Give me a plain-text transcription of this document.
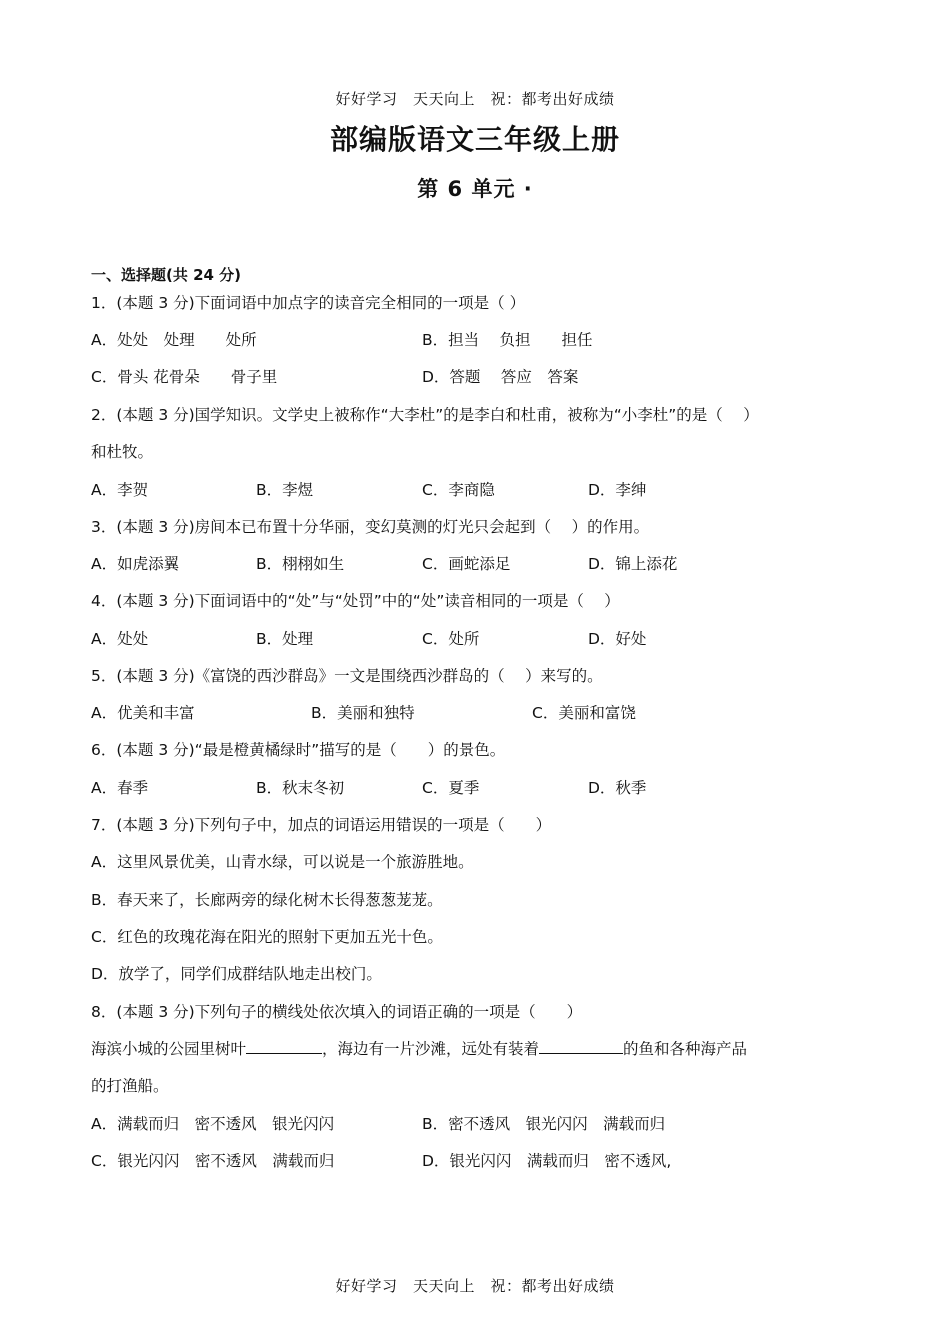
好好学习　天天向上　祝：都考出好成绩
部编版语文三年级上册
第 6 单元 ·
一、选择题(共 24 分)
1．(本题 3 分)下面词语中加点字的读音完全相同的一项是（ ）
A．处处　处理　　处所	B．担当　 负担　　担任
C．骨头 花骨朵　　骨子里	D．答题　 答应　答案
2．(本题 3 分)国学知识。文学史上被称作“大李杜”的是李白和杜甫，被称为“小李杜”的是（　 ）
和杜牧。
A．李贺	B．李煜	C．李商隐	D．李绅
3．(本题 3 分)房间本已布置十分华丽，变幻莫测的灯光只会起到（　 ）的作用。
A．如虎添翼	B．栩栩如生	C．画蛇添足	D．锦上添花
4．(本题 3 分)下面词语中的“处”与“处罚”中的“处”读音相同的一项是（　 ）
A．处处	B．处理	C．处所	D．好处
5．(本题 3 分)《富饶的西沙群岛》一文是围绕西沙群岛的（　 ）来写的。
A．优美和丰富	B．美丽和独特	C．美丽和富饶
6．(本题 3 分)“最是橙黄橘绿时”描写的是（　　）的景色。
A．春季	B．秋末冬初	C．夏季	D．秋季
7．(本题 3 分)下列句子中，加点的词语运用错误的一项是（　　）
A．这里风景优美，山青水绿，可以说是一个旅游胜地。
B．春天来了，长廊两旁的绿化树木长得葱葱茏茏。
C．红色的玫瑰花海在阳光的照射下更加五光十色。
D．放学了，同学们成群结队地走出校门。
8．(本题 3 分)下列句子的横线处依次填入的词语正确的一项是（　　）
海滨小城的公园里树叶	，海边有一片沙滩，远处有装着	的鱼和各种海产品
的打渔船。
A．满载而归　密不透风　银光闪闪	B．密不透风　银光闪闪　满载而归
C．银光闪闪　密不透风　满载而归	D．银光闪闪　满载而归　密不透风,
好好学习　天天向上　祝：都考出好成绩
